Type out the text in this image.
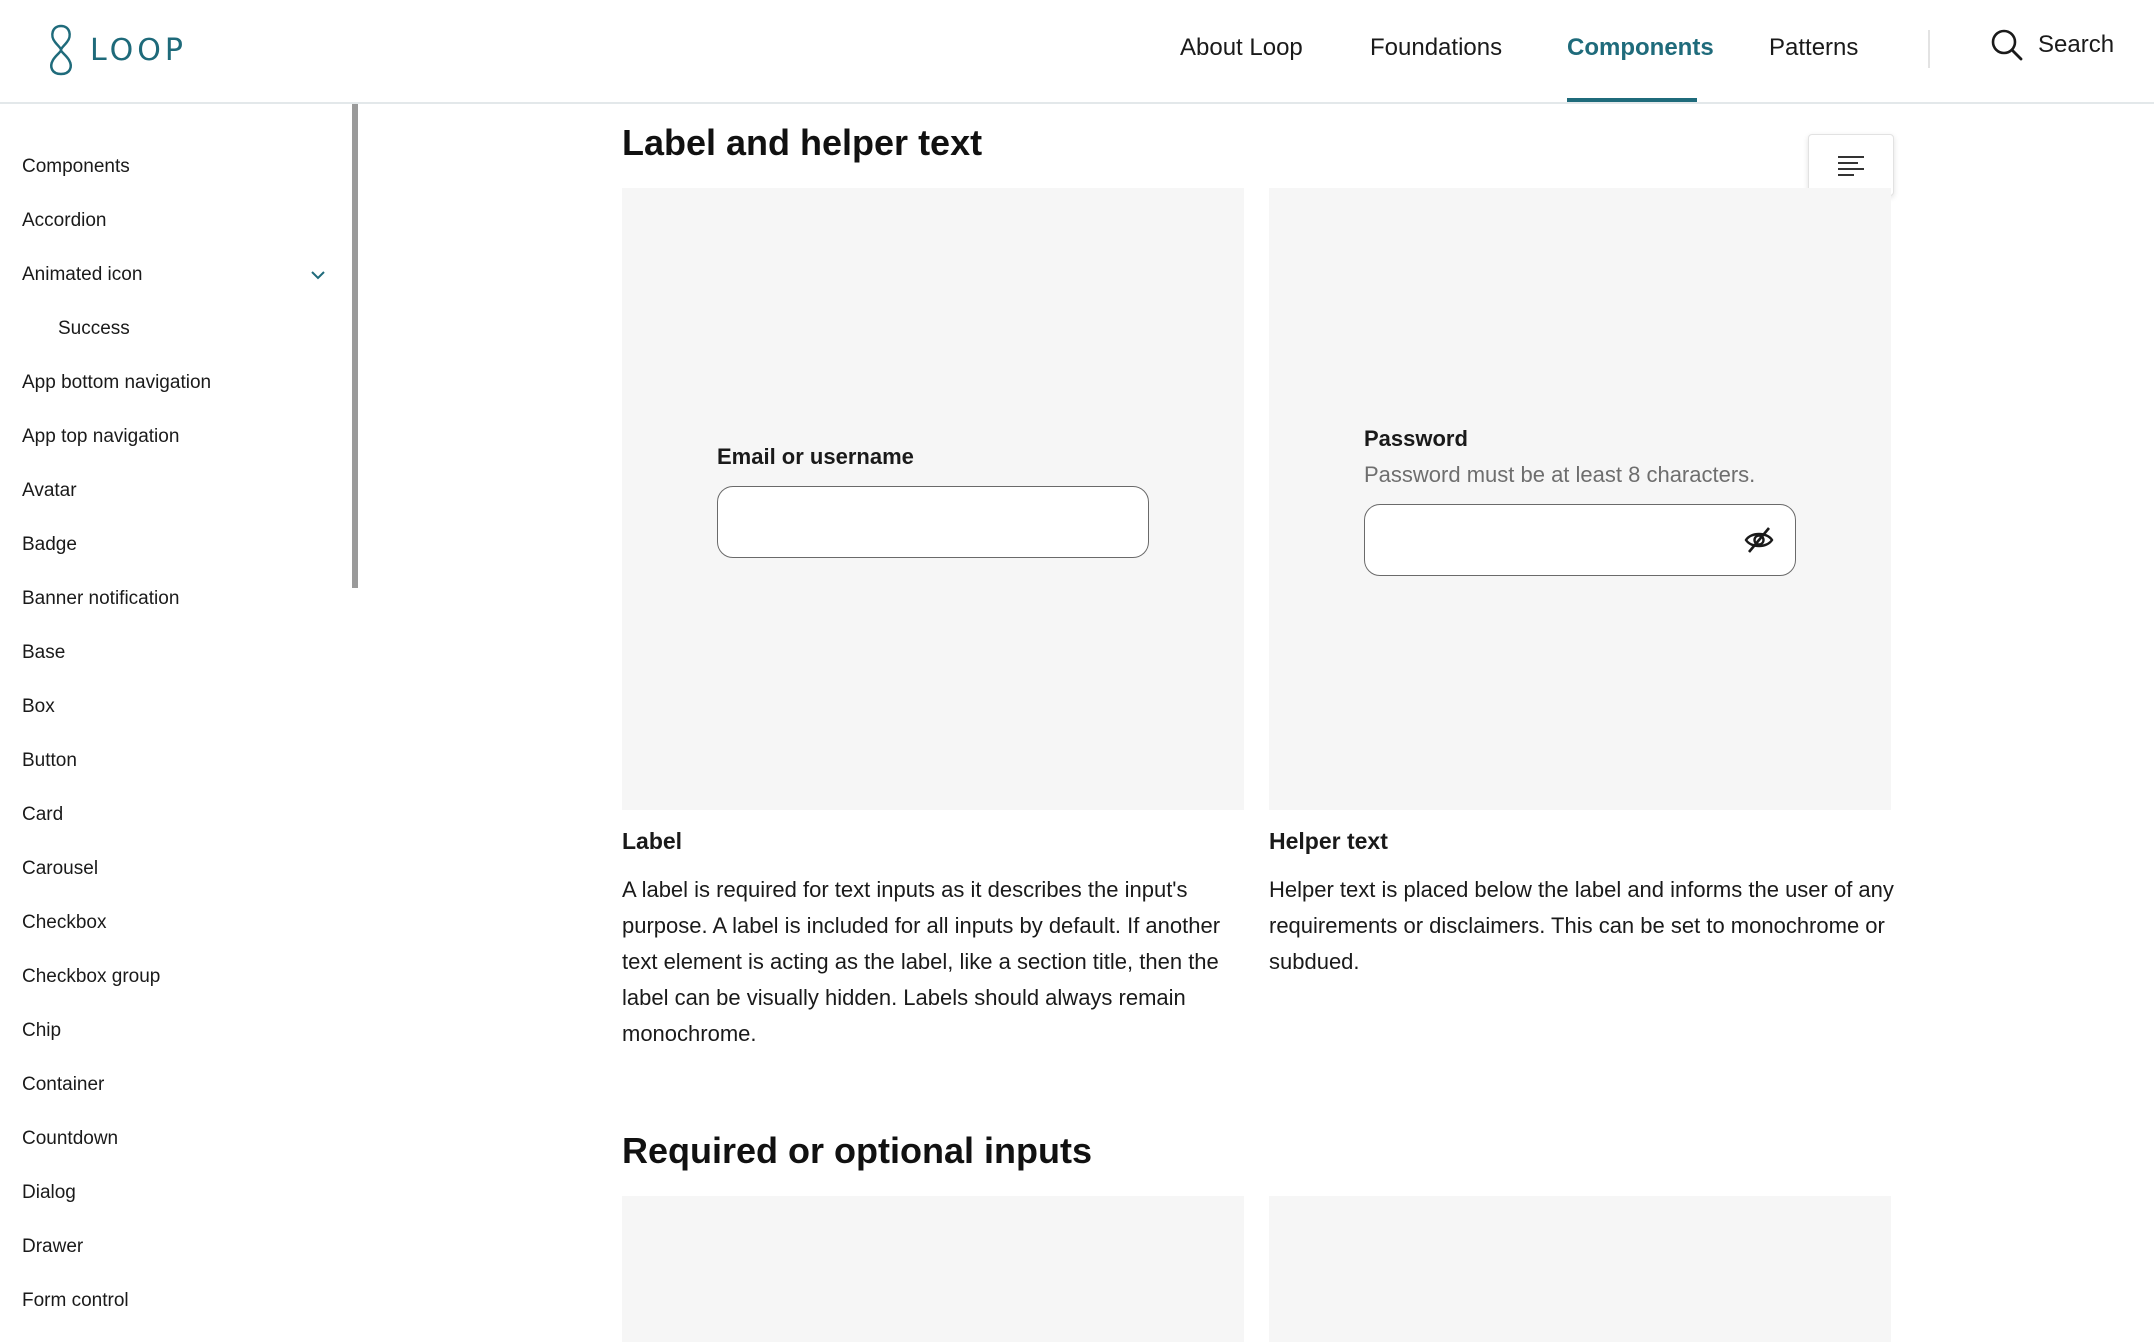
LOOP	About Loop	Foundations	Components Patterns	Search
Components
Accordion
Animated icon
Success
App bottom navigation
App top navigation
Avatar
Badge
Banner notification
Base
Box
Button
Card
Carousel
Checkbox
Checkbox group
Chip
Container
Countdown
Dialog
Drawer
Form control
Label and helper text
Email or username
Password
Password must be at least 8 characters.
Label

A label is required for text inputs as it describes the input's purpose. A label is included for all inputs by default. If another text element is acting as the label, like a section title, then the label can be visually hidden. Labels should always remain monochrome.

Helper text

Helper text is placed below the label and informs the user of any requirements or disclaimers. This can be set to monochrome or subdued.

Required or optional inputs
